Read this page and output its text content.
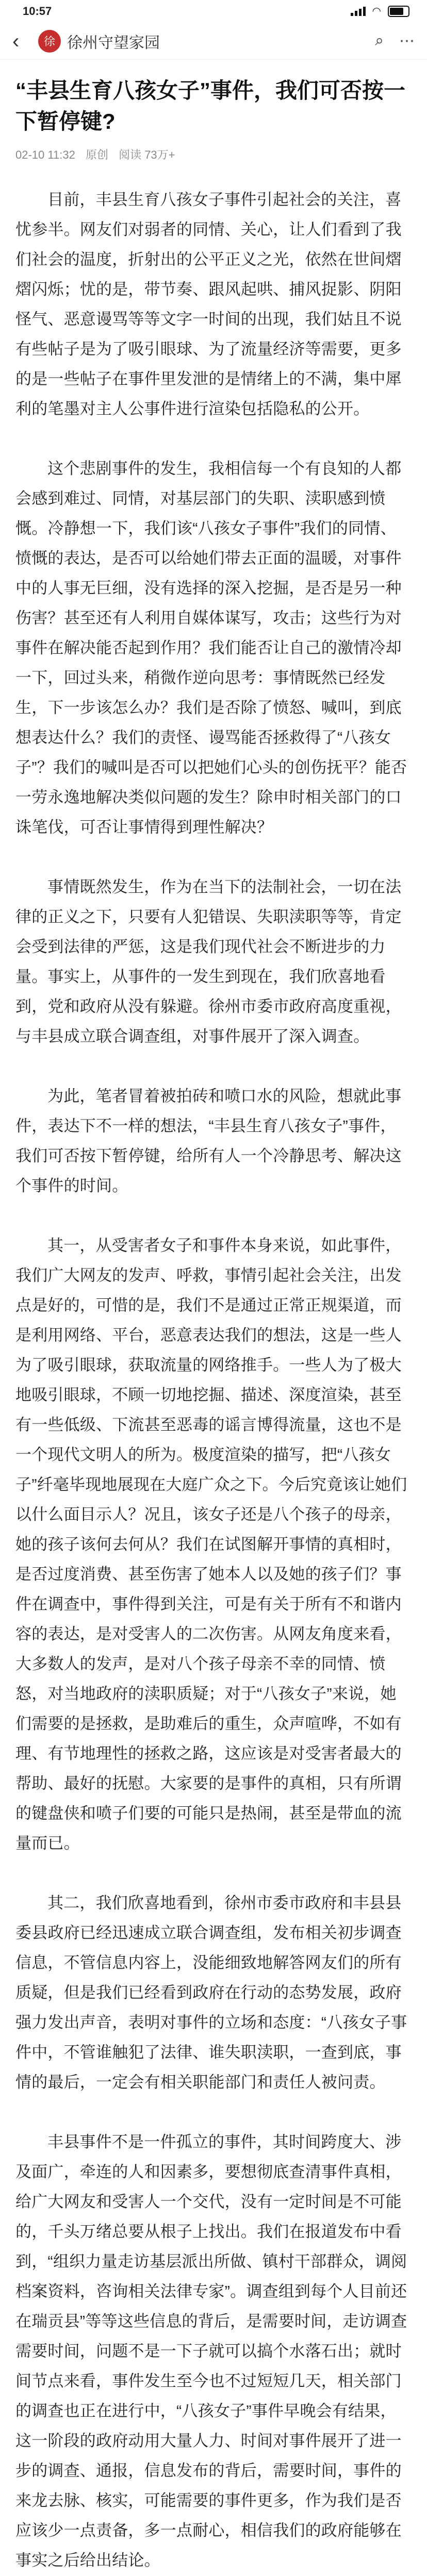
10:57	◠
‹	徐 徐州守望家园	⌕ ⋯
“丰县生育八孩女子”事件，我们可否按一下暂停键?
02-10 11:32 原创 阅读 73万+

目前，丰县生育八孩女子事件引起社会的关注，喜忧参半。网友们对弱者的同情、关心，让人们看到了我们社会的温度，折射出的公平正义之光，依然在世间熠熠闪烁；忧的是，带节奏、跟风起哄、捕风捉影、阴阳怪气、恶意谩骂等等文字一时间的出现，我们姑且不说有些帖子是为了吸引眼球、为了流量经济等需要，更多的是一些帖子在事件里发泄的是情绪上的不满，集中犀利的笔墨对主人公事件进行渲染包括隐私的公开。

这个悲剧事件的发生，我相信每一个有良知的人都会感到难过、同情，对基层部门的失职、渎职感到愤慨。冷静想一下，我们该“八孩女子事件”我们的同情、愤慨的表达，是否可以给她们带去正面的温暖，对事件中的人事无巨细，没有选择的深入挖掘，是否是另一种伤害？甚至还有人利用自媒体谋写，攻击；这些行为对事件在解决能否起到作用？我们能否让自己的激情冷却一下，回过头来，稍微作逆向思考：事情既然已经发生，下一步该怎么办？我们是否除了愤怒、喊叫，到底想表达什么？我们的责怪、谩骂能否拯救得了“八孩女子”？我们的喊叫是否可以把她们心头的创伤抚平？能否一劳永逸地解决类似问题的发生？除申时相关部门的口诛笔伐，可否让事情得到理性解决？

事情既然发生，作为在当下的法制社会，一切在法律的正义之下，只要有人犯错误、失职渎职等等，肯定会受到法律的严惩，这是我们现代社会不断进步的力量。事实上，从事件的一发生到现在，我们欣喜地看到，党和政府从没有躲避。徐州市委市政府高度重视，与丰县成立联合调查组，对事件展开了深入调查。

为此，笔者冒着被拍砖和喷口水的风险，想就此事件，表达下不一样的想法，“丰县生育八孩女子”事件，我们可否按下暂停键，给所有人一个冷静思考、解决这个事件的时间。

其一，从受害者女子和事件本身来说，如此事件，我们广大网友的发声、呼救，事情引起社会关注，出发点是好的，可惜的是，我们不是通过正常正规渠道，而是利用网络、平台，恶意表达我们的想法，这是一些人为了吸引眼球，获取流量的网络推手。一些人为了极大地吸引眼球，不顾一切地挖掘、描述、深度渲染，甚至有一些低级、下流甚至恶毒的谣言博得流量，这也不是一个现代文明人的所为。极度渲染的描写，把“八孩女子”纤毫毕现地展现在大庭广众之下。今后究竟该让她们以什么面目示人？况且，该女子还是八个孩子的母亲，她的孩子该何去何从？我们在试图解开事情的真相时，是否过度消费、甚至伤害了她本人以及她的孩子们？事件在调查中，事件得到关注，可是有关于所有不和谐内容的表达，是对受害人的二次伤害。从网友角度来看，大多数人的发声，是对八个孩子母亲不幸的同情、愤怒，对当地政府的渎职质疑；对于“八孩女子”来说，她们需要的是拯救，是助难后的重生，众声喧哗，不如有理、有节地理性的拯救之路，这应该是对受害者最大的帮助、最好的抚慰。大家要的是事件的真相，只有所谓的键盘侠和喷子们要的可能只是热闹，甚至是带血的流量而已。

其二，我们欣喜地看到，徐州市委市政府和丰县县委县政府已经迅速成立联合调查组，发布相关初步调查信息，不管信息内容上，没能细致地解答网友们的所有质疑，但是我们已经看到政府在行动的态势发展，政府强力发出声音，表明对事件的立场和态度：“八孩女子事件中，不管谁触犯了法律、谁失职渎职，一查到底，事情的最后，一定会有相关职能部门和责任人被问责。

丰县事件不是一件孤立的事件，其时间跨度大、涉及面广，牵连的人和因素多，要想彻底查清事件真相，给广大网友和受害人一个交代，没有一定时间是不可能的，千头万绪总要从根子上找出。我们在报道发布中看到，“组织力量走访基层派出所做、镇村干部群众，调阅档案资料，咨询相关法律专家”。调查组到每个人目前还在瑞贡县”等等这些信息的背后，是需要时间，走访调查需要时间，问题不是一下子就可以搞个水落石出；就时间节点来看，事件发生至今也不过短短几天，相关部门的调查也正在进行中，“八孩女子”事件早晚会有结果，这一阶段的政府动用大量人力、时间对事件展开了进一步的调查、通报，信息发布的背后，需要时间，事件的来龙去脉、核实，可能需要的事件更多，作为我们是否应该少一点责备，多一点耐心，相信我们的政府能够在事实之后给出结论。
